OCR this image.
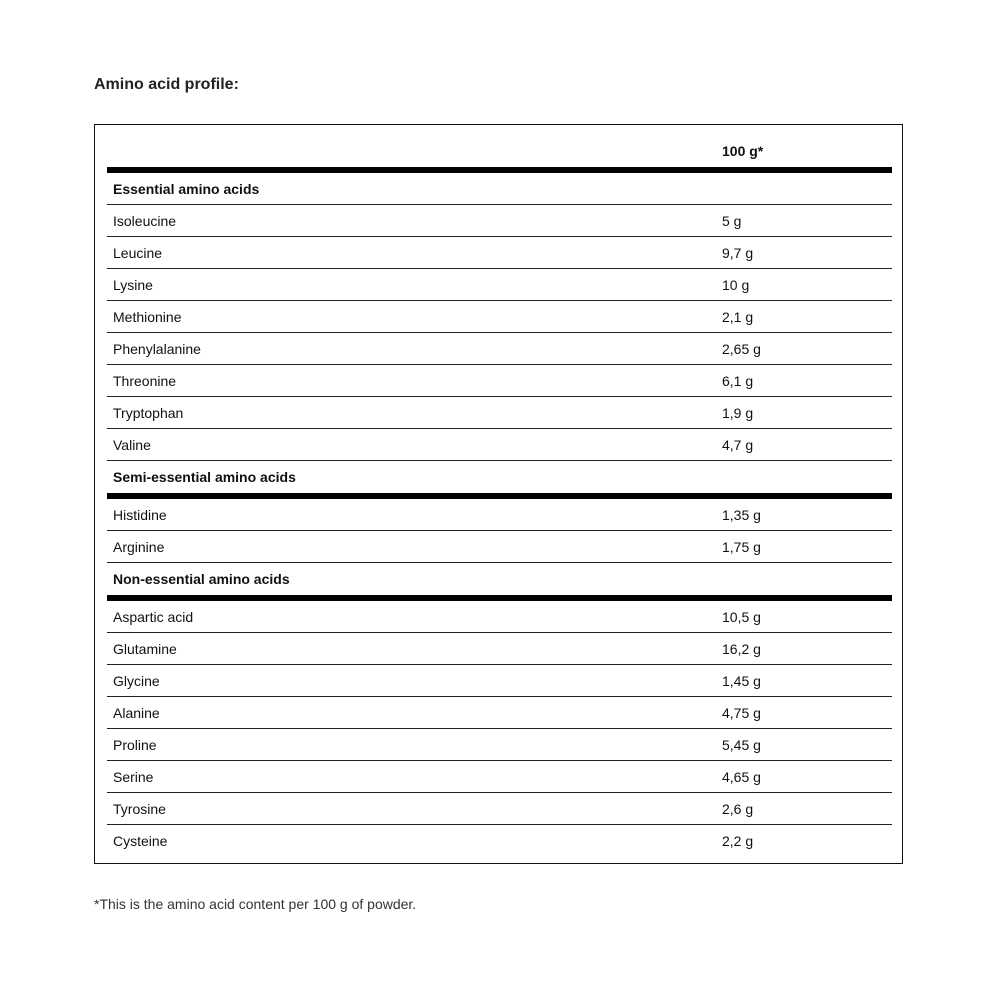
Amino acid profile:
100 g*
Essential amino acids
Isoleucine	5 g
Leucine	9,7 g
Lysine	10 g
Methionine	2,1 g
Phenylalanine	2,65 g
Threonine	6,1 g
Tryptophan	1,9 g
Valine	4,7 g
Semi-essential amino acids
Histidine	1,35 g
Arginine	1,75 g
Non-essential amino acids
Aspartic acid	10,5 g
Glutamine	16,2 g
Glycine	1,45 g
Alanine	4,75 g
Proline	5,45 g
Serine	4,65 g
Tyrosine	2,6 g
Cysteine	2,2 g

*This is the amino acid content per 100 g of powder.
